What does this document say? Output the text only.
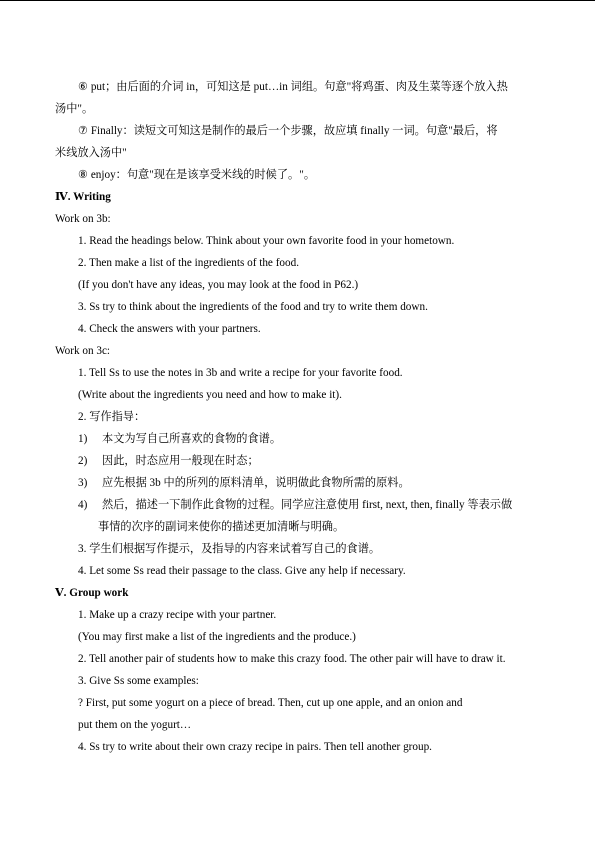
⑥ put；由后面的介词 in，可知这是 put…in 词组。句意"将鸡蛋、肉及生菜等逐个放入热
汤中"。
⑦ Finally：读短文可知这是制作的最后一个步骤，故应填 finally 一词。句意"最后，将
米线放入汤中"
⑧ enjoy：句意"现在是该享受米线的时候了。"。
Ⅳ. Writing
Work on 3b:
1. Read the headings below. Think about your own favorite food in your hometown.
2. Then make a list of the ingredients of the food.
(If you don't have any ideas, you may look at the food in P62.)
3. Ss try to think about the ingredients of the food and try to write them down.
4. Check the answers with your partners.
Work on 3c:
1. Tell Ss to use the notes in 3b and write a recipe for your favorite food.
(Write about the ingredients you need and how to make it).
2. 写作指导：
1)	本文为写自己所喜欢的食物的食谱。
2)	因此，时态应用一般现在时态；
3)	应先根据 3b 中的所列的原料清单，说明做此食物所需的原料。
4)	然后，描述一下制作此食物的过程。同学应注意使用 first, next, then, finally 等表示做
事情的次序的副词来使你的描述更加清晰与明确。
3. 学生们根据写作提示，及指导的内容来试着写自己的食谱。
4. Let some Ss read their passage to the class. Give any help if necessary.
Ⅴ. Group work
1. Make up a crazy recipe with your partner.
(You may first make a list of the ingredients and the produce.)
2. Tell another pair of students how to make this crazy food. The other pair will have to draw it.
3. Give Ss some examples:
? First, put some yogurt on a piece of bread. Then, cut up one apple, and an onion and
put them on the yogurt…
4. Ss try to write about their own crazy recipe in pairs. Then tell another group.
